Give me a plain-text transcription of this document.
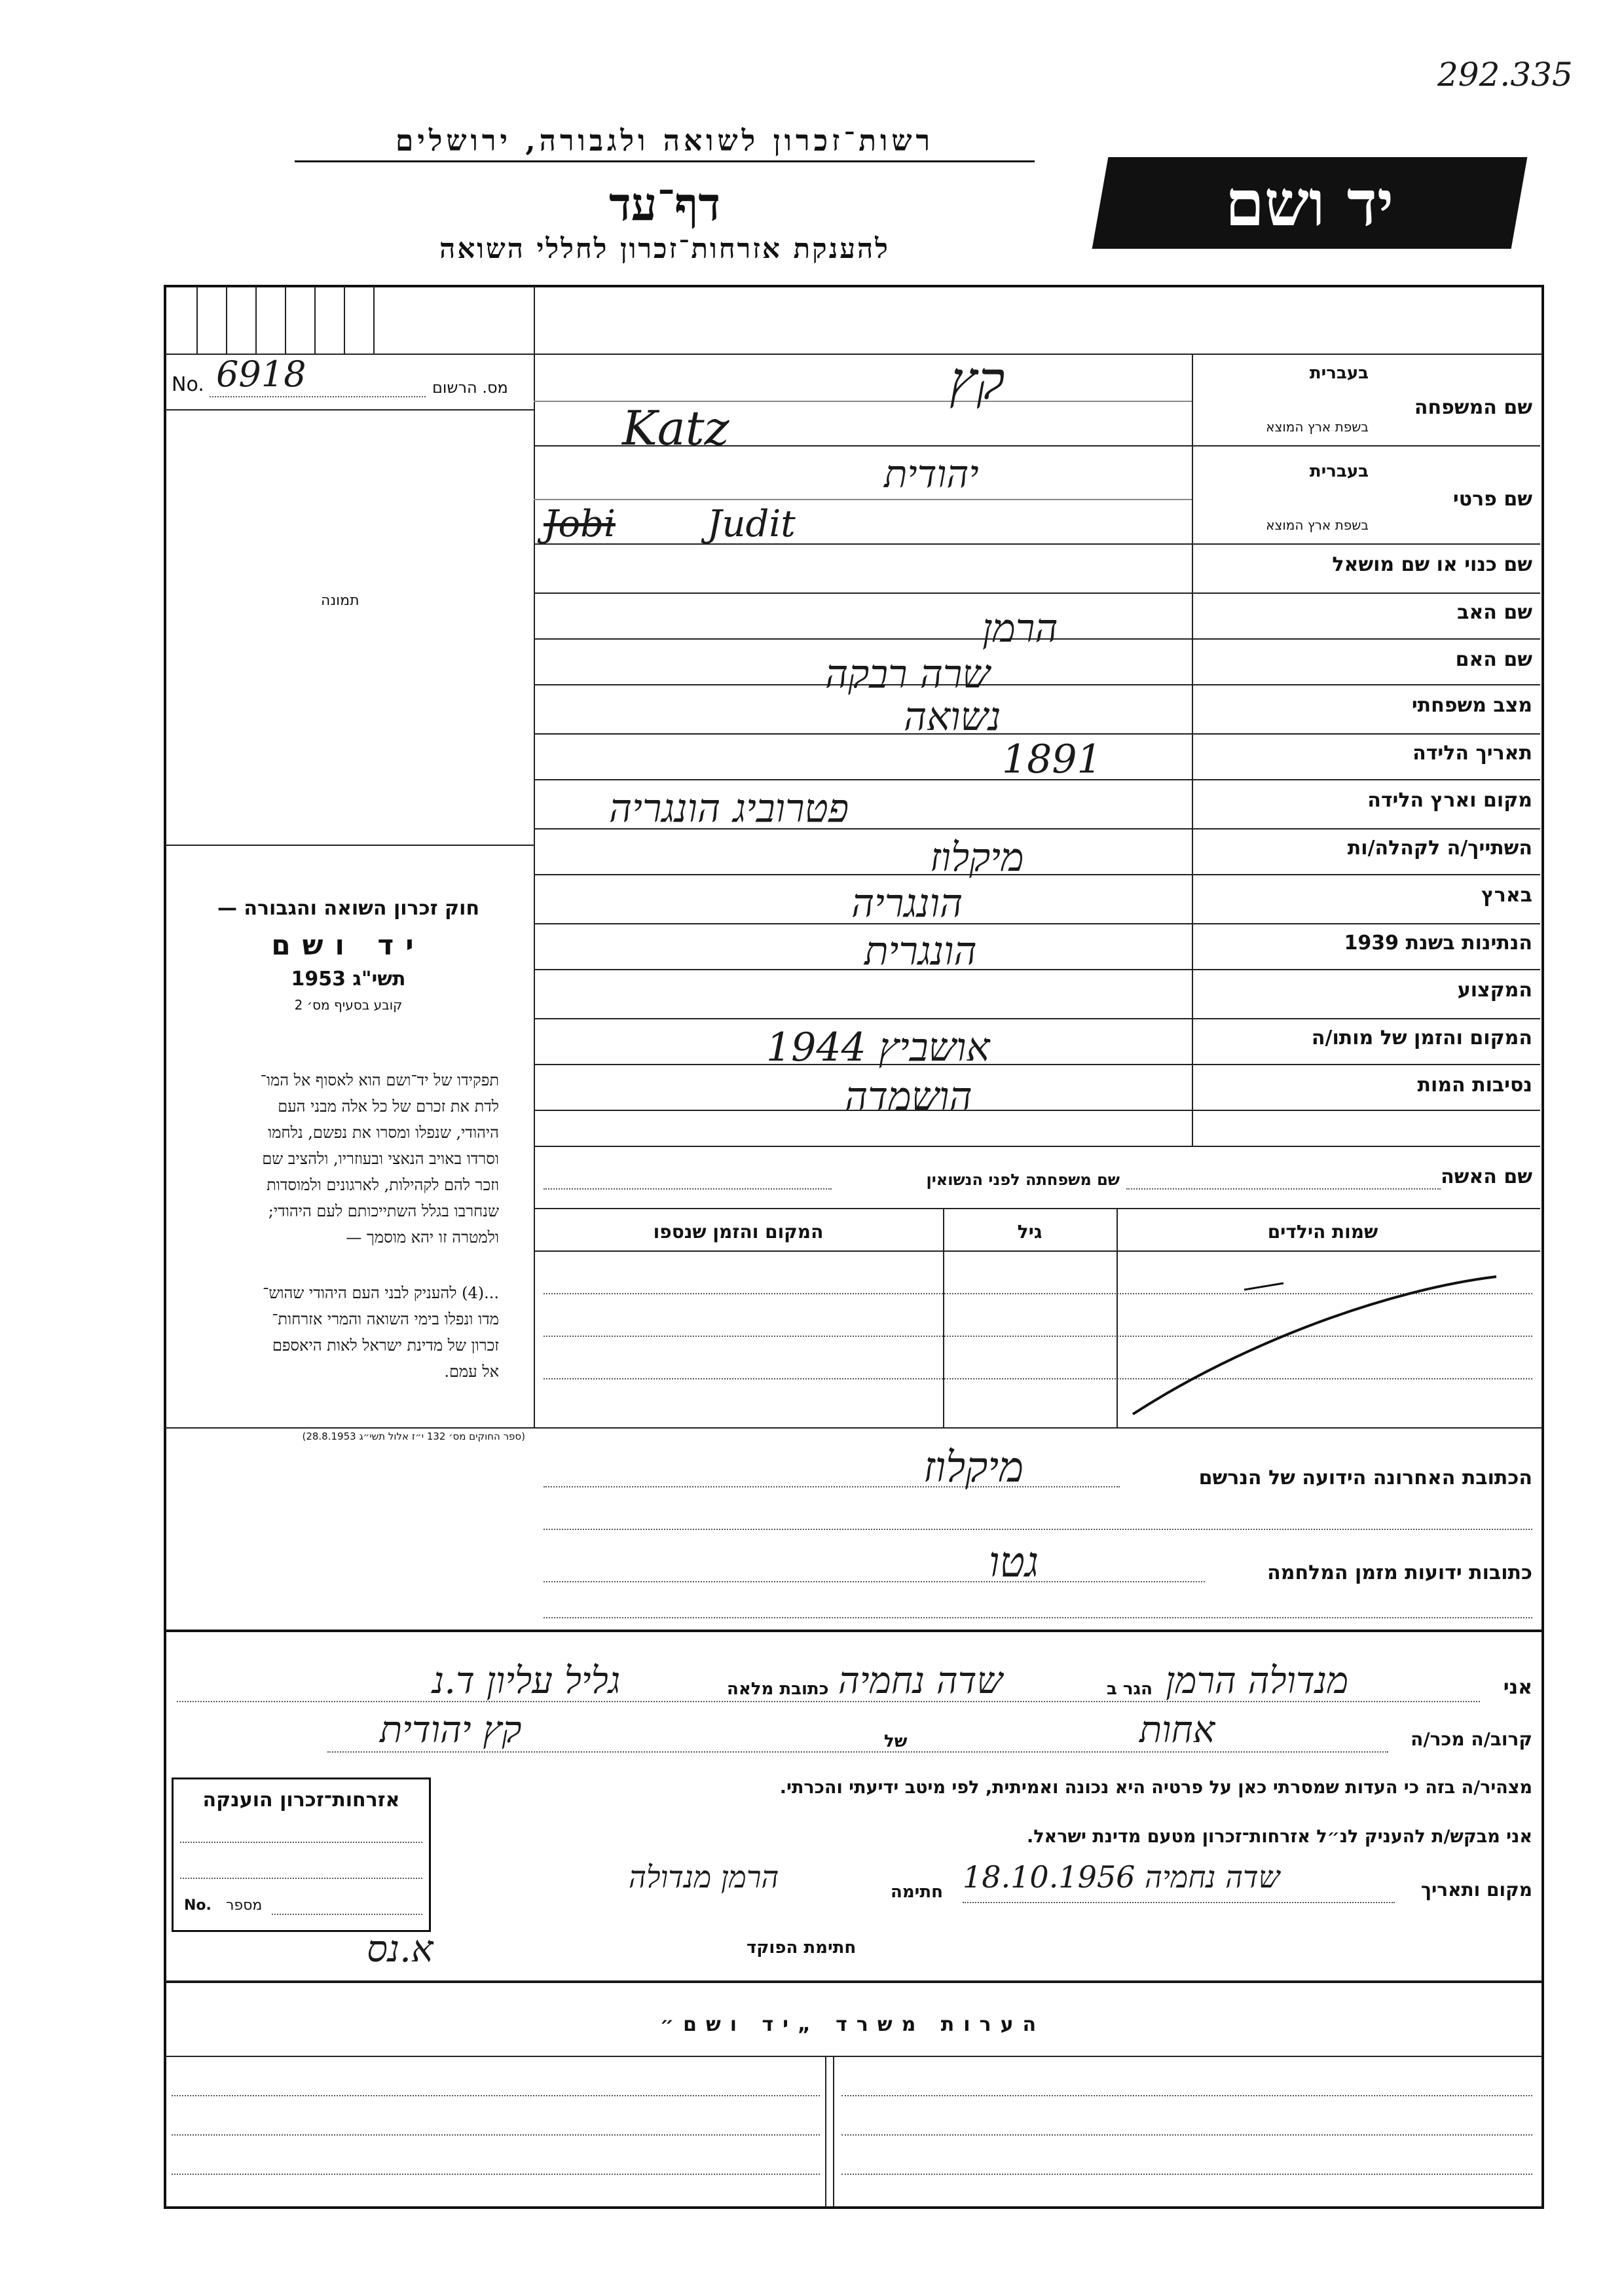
292.335
רשות־זכרון לשואה ולגבורה, ירושלים
דף־עד
להענקת אזרחות־זכרון לחללי השואה
יד ושם
No. 6918	מס. הרשום
תמונה
חוק זכרון השואה והגבורה —
יד ושם
תשי"ג 1953
קובע בסעיף מס׳ 2
תפקידו של יד־ושם הוא לאסוף אל המו־
לדת את זכרם של כל אלה מבני העם
היהודי, שנפלו ומסרו את נפשם, נלחמו
וסרדו באויב הנאצי ובעוזריו, ולהציב שם
וזכר להם לקהילות, לארגונים ולמוסדות
שנחרבו בגלל השתייכותם לעם היהודי;
ולמטרה זו יהא מוסמך —
...(4) להעניק לבני העם היהודי שהוש־
מדו ונפלו בימי השואה והמרי אזרחות־
זכרון של מדינת ישראל לאות היאספם
אל עמם.
(ספר החוקים מס׳ 132 י״ז אלול תשי״ג 28.8.1953)
שם המשפחה
בעברית
בשפת ארץ המוצא
קץ
Katz
שם פרטי
בעברית
בשפת ארץ המוצא
יהודית
Jobi	Judit
שם כנוי או שם מושאל
שם האב
הרמן
שם האם
שרה רבקה
מצב משפחתי
נשואה
תאריך הלידה
1891
מקום וארץ הלידה
פטרוביג הונגריה
השתייך/ה לקהלה/ות
מיקלוז
בארץ
הונגריה
הנתינות בשנת 1939
הונגרית
המקצוע
המקום והזמן של מותו/ה
אושביץ 1944
נסיבות המות
הושמדה
שם האשה
שם משפחתה לפני הנשואין
שמות הילדים
גיל
המקום והזמן שנספו
הכתובת האחרונה הידועה של הנרשם
מיקלוז
כתובות ידועות מזמן המלחמה
גטו
אני
מנדולה הרמן
הגר ב
שדה נחמיה
כתובת מלאה
גליל עליון ד.נ
קרוב/ה מכר/ה
אחות
של
קץ יהודית
מצהיר/ה בזה כי העדות שמסרתי כאן על פרטיה היא נכונה ואמיתית, לפי מיטב ידיעתי והכרתי.
אני מבקש/ת להעניק לנ״ל אזרחות־זכרון מטעם מדינת ישראל.
מקום ותאריך
שדה נחמיה 18.10.1956
חתימה
הרמן מנדולה
חתימת הפוקד
א.נס
אזרחות־זכרון הוענקה
No. מספר
הערות משרד „יד ושם״
